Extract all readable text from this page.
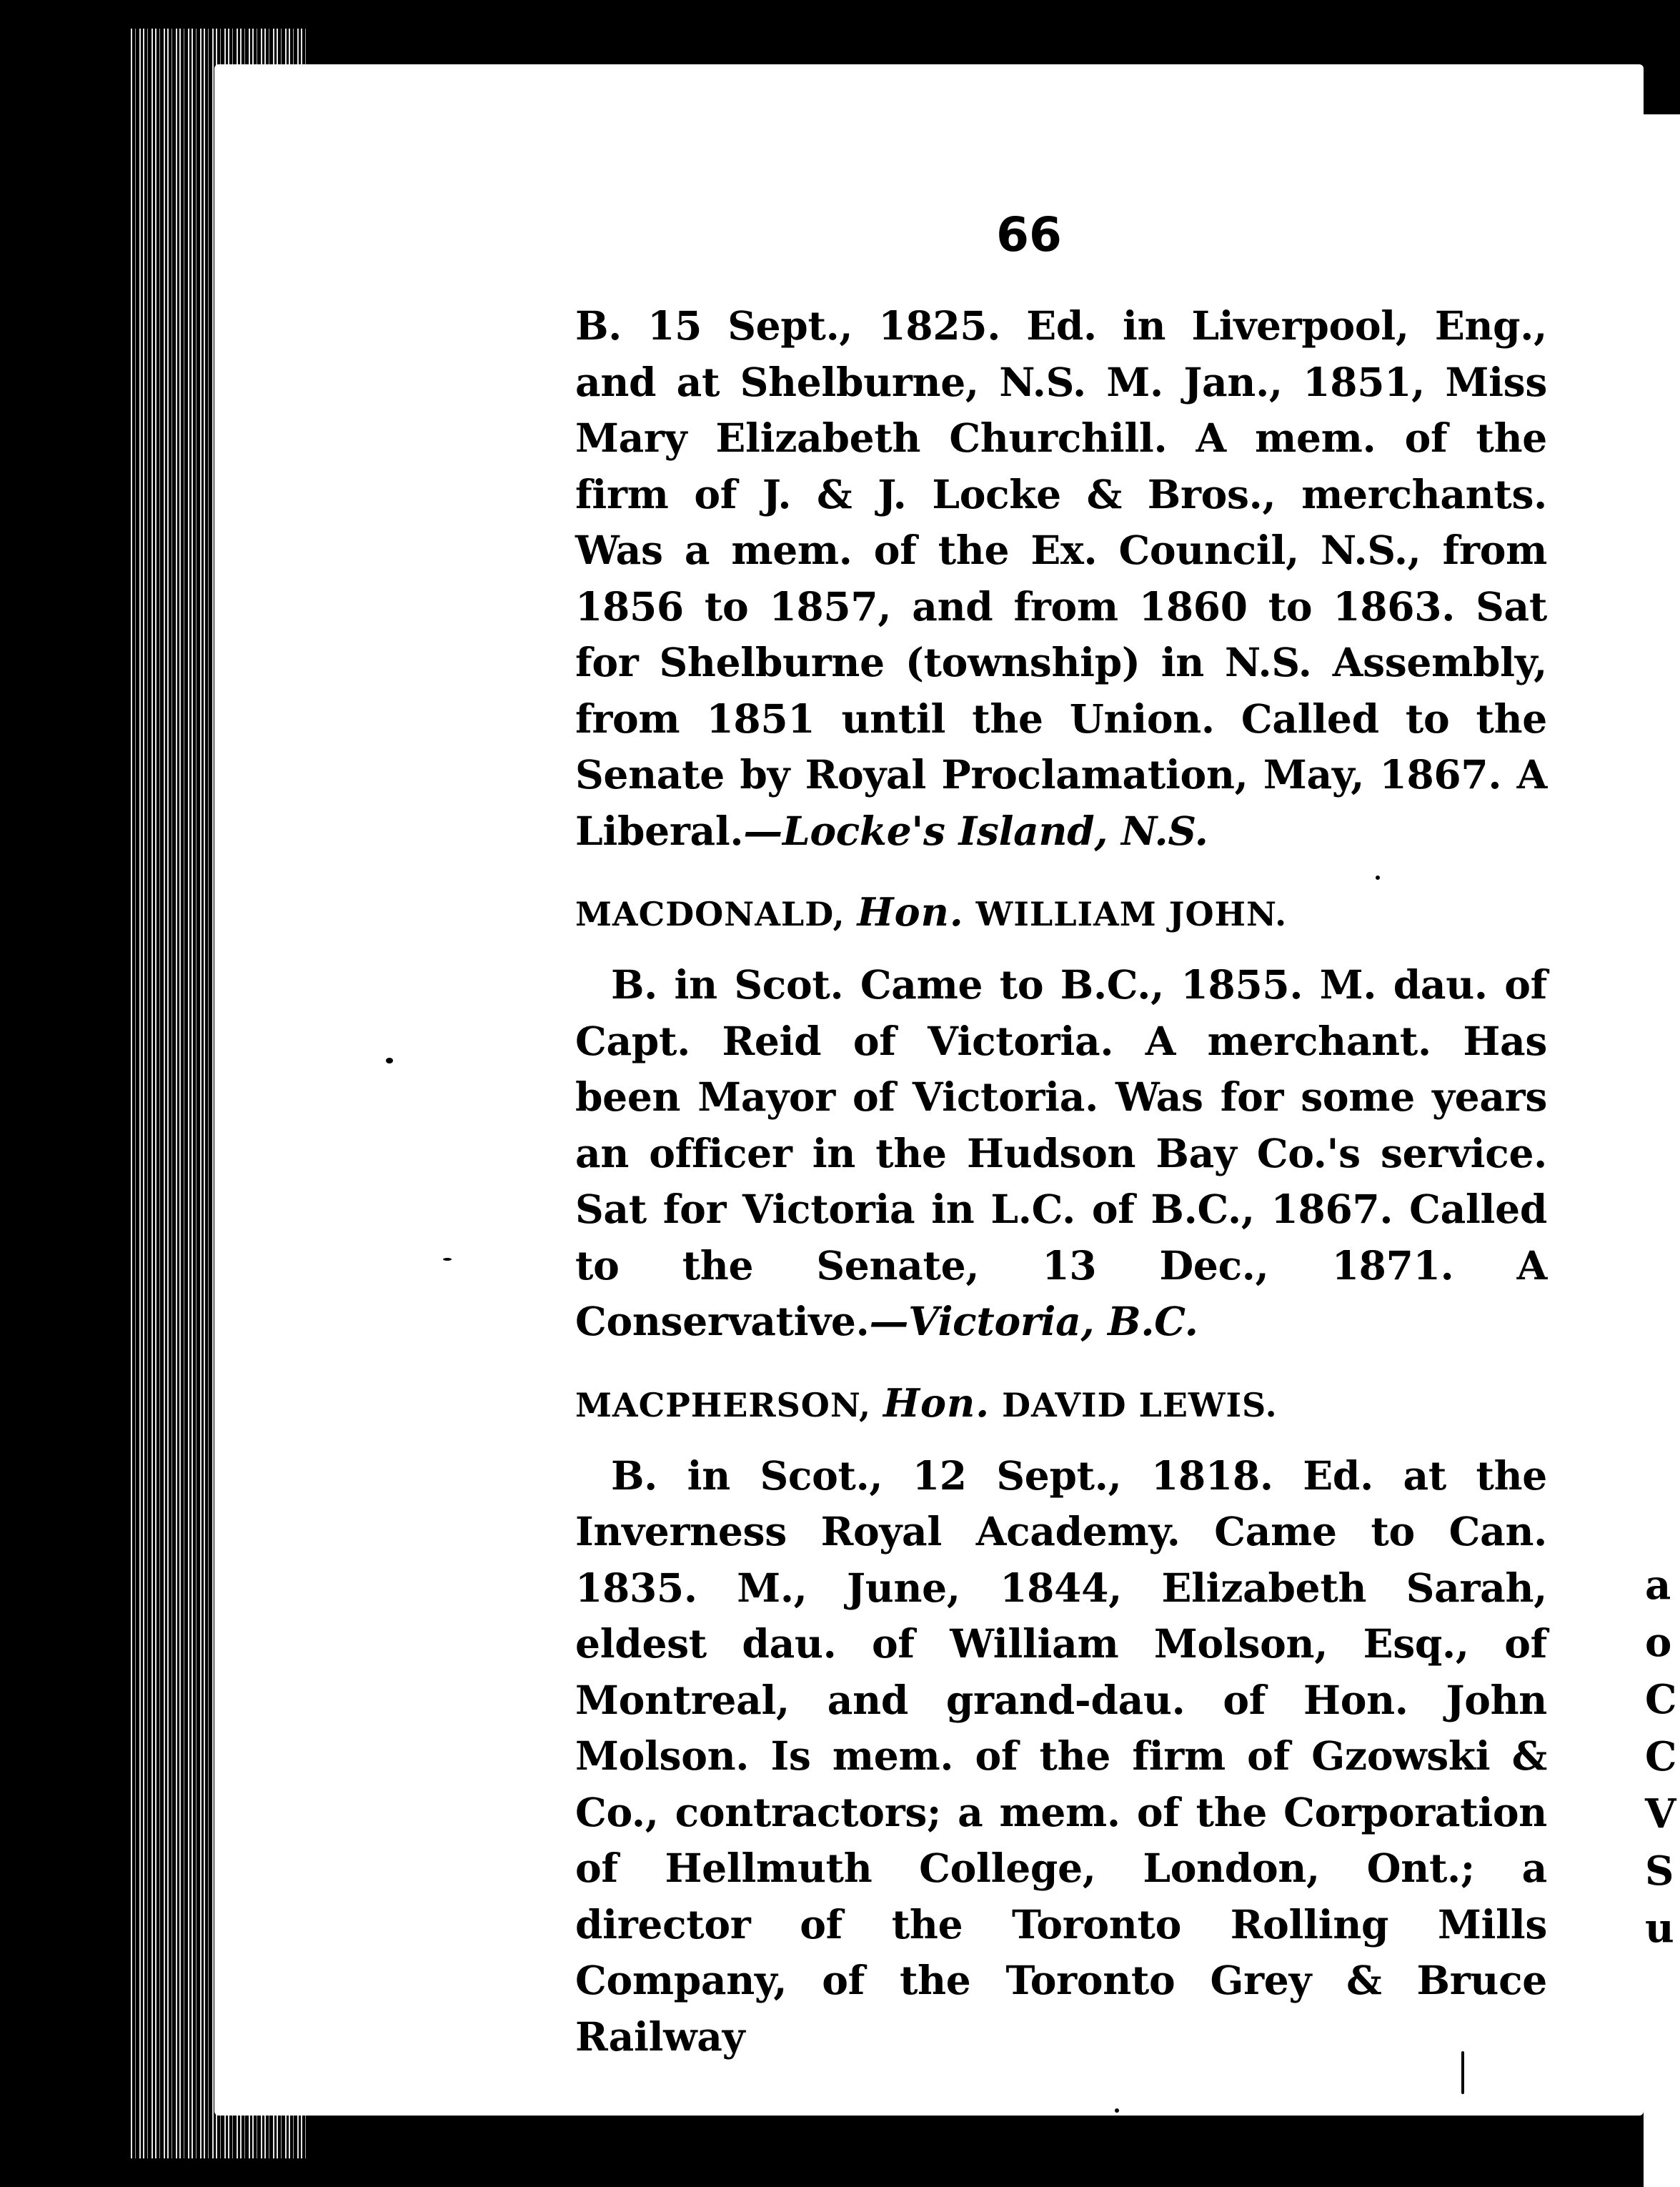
a
o
C
C
V
S
u
66

B. 15 Sept., 1825. Ed. in Liverpool, Eng., and at Shelburne, N.S. M. Jan., 1851, Miss Mary Elizabeth Churchill. A mem. of the firm of J. & J. Locke & Bros., merchants. Was a mem. of the Ex. Council, N.S., from 1856 to 1857, and from 1860 to 1863. Sat for Shelburne (township) in N.S. Assembly, from 1851 until the Union. Called to the Senate by Royal Proclamation, May, 1867. A Liberal.—Locke's Island, N.S.

MACDONALD, Hon. WILLIAM JOHN.

B. in Scot. Came to B.C., 1855. M. dau. of Capt. Reid of Victoria. A merchant. Has been Mayor of Victoria. Was for some years an officer in the Hudson Bay Co.'s service. Sat for Victoria in L.C. of B.C., 1867. Called to the Senate, 13 Dec., 1871. A Conservative.—Victoria, B.C.

MACPHERSON, Hon. DAVID LEWIS.

B. in Scot., 12 Sept., 1818. Ed. at the Inverness Royal Academy. Came to Can. 1835. M., June, 1844, Elizabeth Sarah, eldest dau. of William Molson, Esq., of Montreal, and grand-dau. of Hon. John Molson. Is mem. of the firm of Gzowski & Co., contractors; a mem. of the Corporation of Hellmuth College, London, Ont.; a director of the Toronto Rolling Mills Company, of the Toronto Grey & Bruce Railway
